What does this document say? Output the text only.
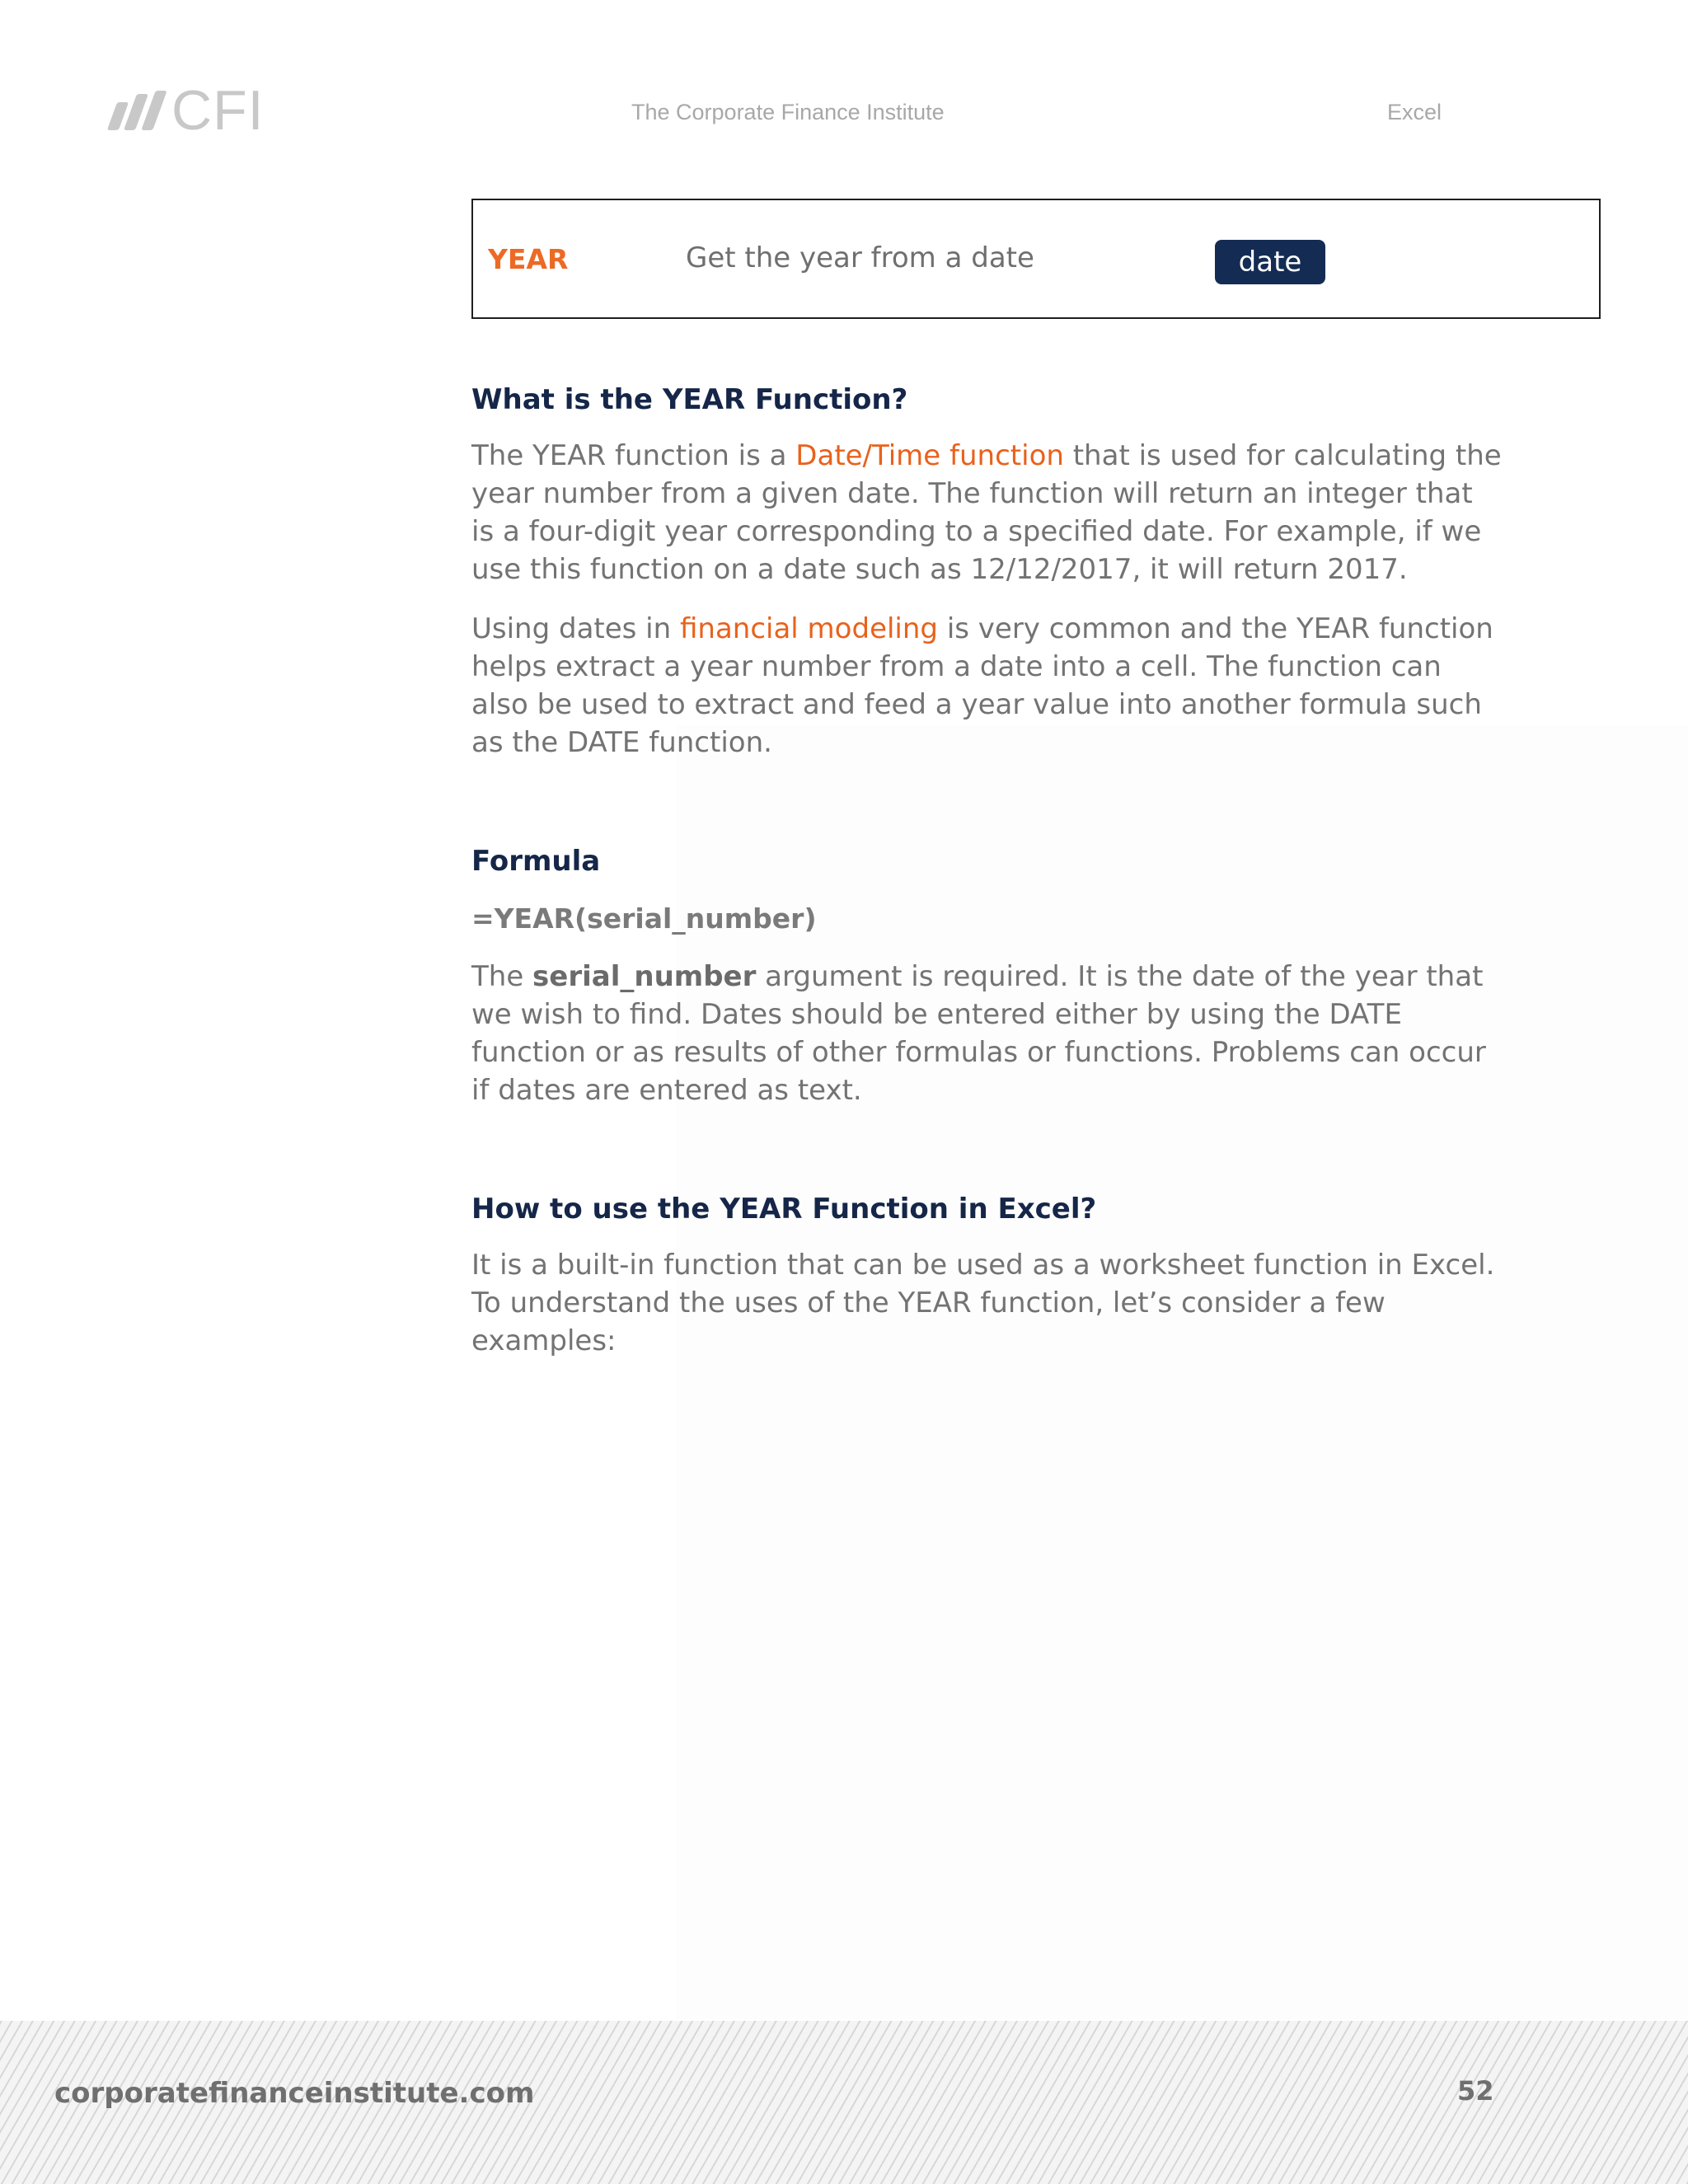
CFI	The Corporate Finance Institute	Excel
YEAR	Get the year from a date	date
What is the YEAR Function?

The YEAR function is a Date/Time function that is used for calculating the year number from a given date. The function will return an integer that is a four-digit year corresponding to a specified date. For example, if we use this function on a date such as 12/12/2017, it will return 2017.

Using dates in financial modeling is very common and the YEAR function helps extract a year number from a date into a cell. The function can also be used to extract and feed a year value into another formula such as the DATE function.

Formula
=YEAR(serial_number)

The serial_number argument is required. It is the date of the year that we wish to find. Dates should be entered either by using the DATE function or as results of other formulas or functions. Problems can occur if dates are entered as text.

How to use the YEAR Function in Excel?

It is a built-in function that can be used as a worksheet function in Excel. To understand the uses of the YEAR function, let’s consider a few examples:

corporatefinanceinstitute.com	52
